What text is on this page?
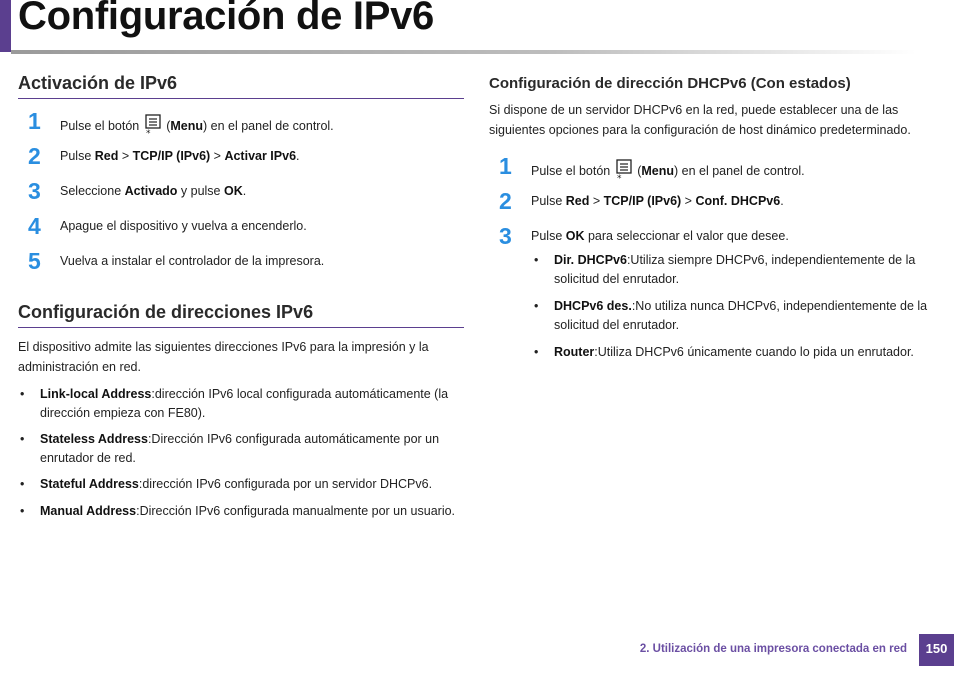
Configuración de IPv6
Activación de IPv6
1	Pulse el botón
*
(Menu) en el panel de control.
2	Pulse Red > TCP/IP (IPv6) > Activar IPv6.
3	Seleccione Activado y pulse OK.
4	Apague el dispositivo y vuelva a encenderlo.
5	Vuelva a instalar el controlador de la impresora.
Configuración de direcciones IPv6

El dispositivo admite las siguientes direcciones IPv6 para la impresión y la administración en red.

• Link-local Address:dirección IPv6 local configurada automáticamente (la dirección empieza con FE80).
• Stateless Address:Dirección IPv6 configurada automáticamente por un enrutador de red.
• Stateful Address:dirección IPv6 configurada por un servidor DHCPv6.
• Manual Address:Dirección IPv6 configurada manualmente por un usuario.
Configuración de dirección DHCPv6 (Con estados)

Si dispone de un servidor DHCPv6 en la red, puede establecer una de las siguientes opciones para la configuración de host dinámico predeterminado.

1	Pulse el botón
*
(Menu) en el panel de control.
2	Pulse Red > TCP/IP (IPv6) > Conf. DHCPv6.
3	Pulse OK para seleccionar el valor que desee.
• Dir. DHCPv6:Utiliza siempre DHCPv6, independientemente de la solicitud del enrutador.
• DHCPv6 des.:No utiliza nunca DHCPv6, independientemente de la solicitud del enrutador.
• Router:Utiliza DHCPv6 únicamente cuando lo pida un enrutador.
2. Utilización de una impresora conectada en red	150
